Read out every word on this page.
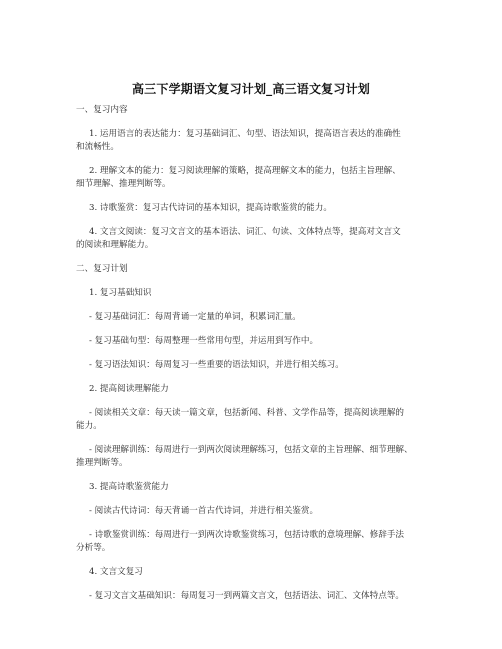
高三下学期语文复习计划_高三语文复习计划
一、复习内容
1. 运用语言的表达能力：复习基础词汇、句型、语法知识，提高语言表达的准确性
和流畅性。
2. 理解文本的能力：复习阅读理解的策略，提高理解文本的能力，包括主旨理解、
细节理解、推理判断等。
3. 诗歌鉴赏：复习古代诗词的基本知识，提高诗歌鉴赏的能力。
4. 文言文阅读：复习文言文的基本语法、词汇、句读、文体特点等，提高对文言文
的阅读和理解能力。
二、复习计划
1. 复习基础知识
- 复习基础词汇：每周背诵一定量的单词，积累词汇量。
- 复习基础句型：每周整理一些常用句型，并运用到写作中。
- 复习语法知识：每周复习一些重要的语法知识，并进行相关练习。
2. 提高阅读理解能力
- 阅读相关文章：每天读一篇文章，包括新闻、科普、文学作品等，提高阅读理解的
能力。
- 阅读理解训练：每周进行一到两次阅读理解练习，包括文章的主旨理解、细节理解、
推理判断等。
3. 提高诗歌鉴赏能力
- 阅读古代诗词：每天背诵一首古代诗词，并进行相关鉴赏。
- 诗歌鉴赏训练：每周进行一到两次诗歌鉴赏练习，包括诗歌的意境理解、修辞手法
分析等。
4. 文言文复习
- 复习文言文基础知识：每周复习一到两篇文言文，包括语法、词汇、文体特点等。
